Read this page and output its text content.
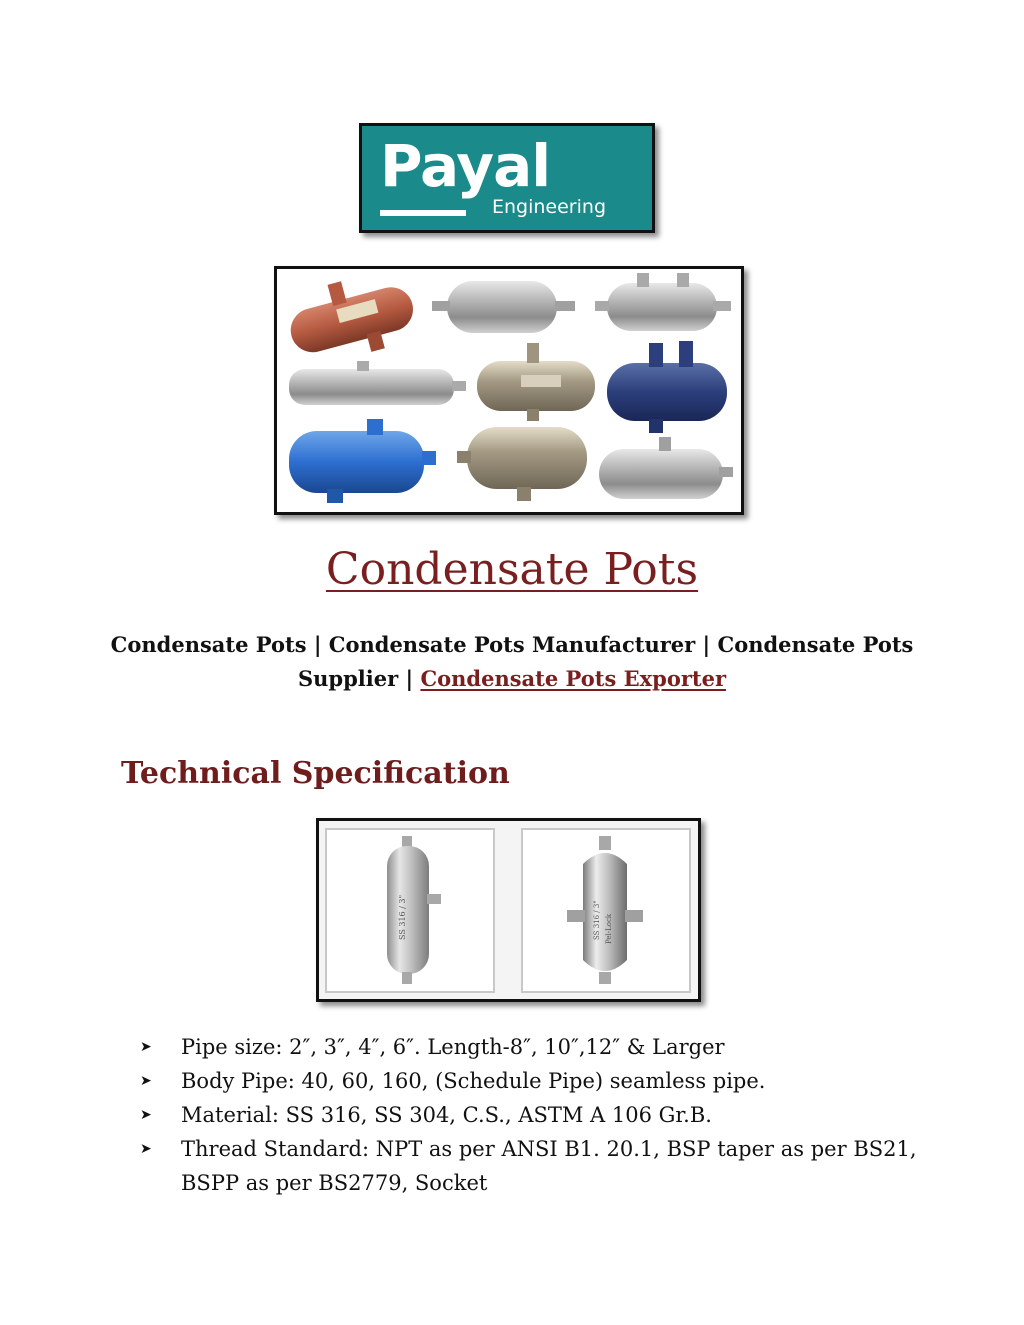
Payal
Engineering
Condensate Pots
Condensate Pots | Condensate Pots Manufacturer | Condensate Pots
Supplier | Condensate Pots Exporter
Technical Specification
SS 316 / 3"	SS 316 / 3" Pel-Lock
➤ Pipe size: 2″, 3″, 4″, 6″. Length-8″, 10″,12″ & Larger
➤ Body Pipe: 40, 60, 160, (Schedule Pipe) seamless pipe.
➤ Material: SS 316, SS 304, C.S., ASTM A 106 Gr.B.
➤ Thread Standard: NPT as per ANSI B1. 20.1, BSP taper as per BS21, BSPP as per BS2779, Socket
